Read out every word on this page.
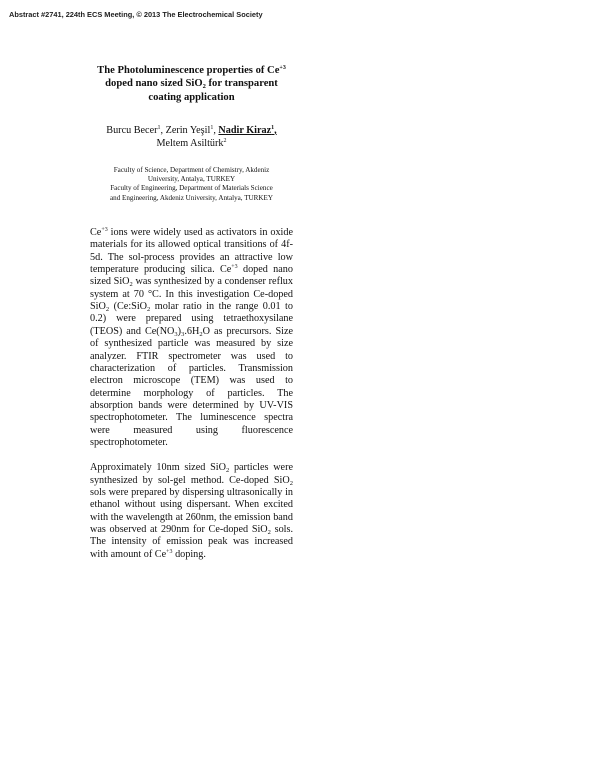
Abstract #2741, 224th ECS Meeting, © 2013 The Electrochemical Society
The Photoluminescence properties of $Ce^{+3}$
doped nano sized SiO$_2$ for transparent
coating application
Burcu Becer$^1$, Zerin Yeşil$^1$, Nadir Kiraz$^1$,
Meltem Asiltürk$^2$
Faculty of Science, Department of Chemistry, Akdeniz
University, Antalya, TURKEY
Faculty of Engineering, Department of Materials Science
and Engineering, Akdeniz University, Antalya, TURKEY

$Ce^{+3}$ ions were widely used as activators in oxide materials for its allowed optical transitions of 4f-5d. The sol-process provides an attractive low temperature producing silica. $Ce^{+3}$ doped nano sized SiO$_2$ was synthesized by a condenser reflux system at 70 °C. In this investigation Ce-doped SiO$_2$ (Ce:SiO$_2$ molar ratio in the range 0.01 to 0.2) were prepared using tetraethoxysilane (TEOS) and $Ce(NO_3)_3.6H_2O$ as precursors. Size of synthesized particle was measured by size analyzer. FTIR spectrometer was used to characterization of particles. Transmission electron microscope (TEM) was used to determine morphology of particles. The absorption bands were determined by UV-VIS spectrophotometer. The luminescence spectra were measured using fluorescence spectrophotometer.

Approximately 10nm sized SiO$_2$ particles were synthesized by sol-gel method. Ce-doped SiO$_2$ sols were prepared by dispersing ultrasonically in ethanol without using dispersant. When excited with the wavelength at 260nm, the emission band was observed at 290nm for Ce-doped SiO$_2$ sols. The intensity of emission peak was increased with amount of $Ce^{+3}$ doping.
